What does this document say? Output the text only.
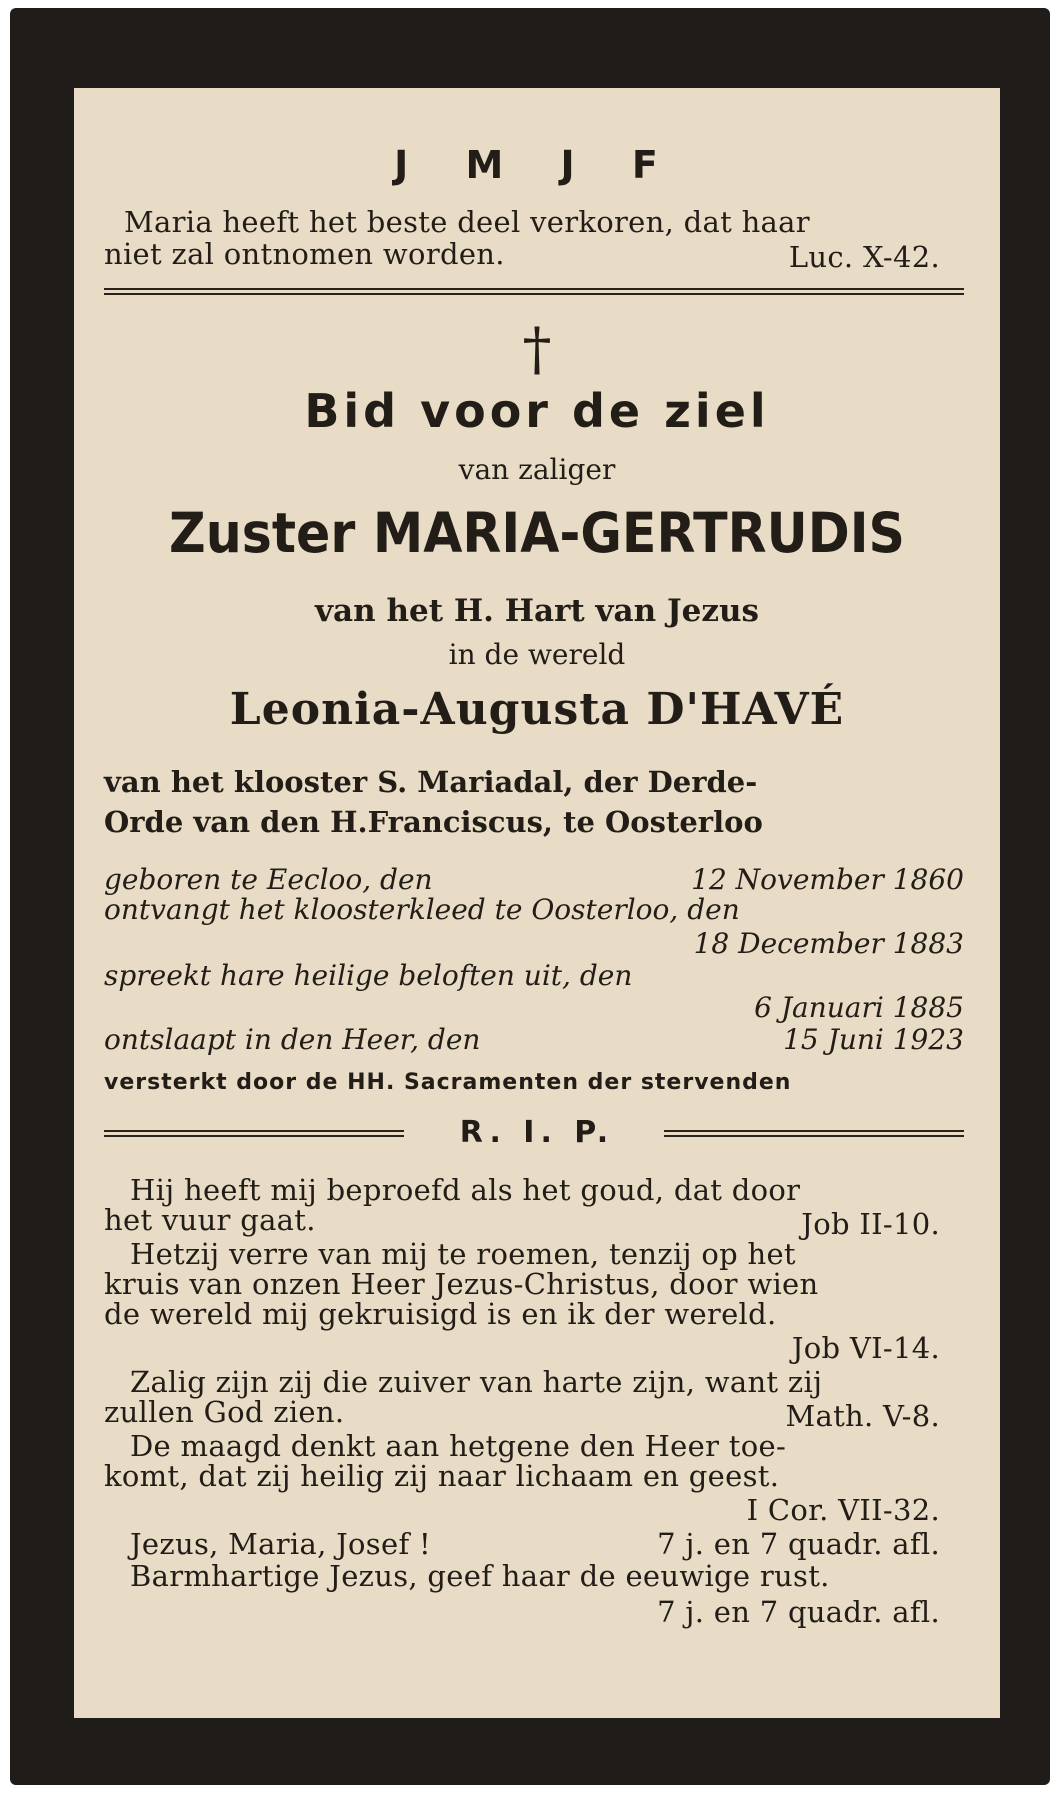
J M J F

Maria heeft het beste deel verkoren, dat haar

niet zal ontnomen worden.	Luc. X-42.

†

Bid voor de ziel

van zaliger

Zuster MARIA-GERTRUDIS

van het H. Hart van Jezus

in de wereld

Leonia-Augusta D'HAVÉ

van het klooster S. Mariadal, der Derde-

Orde van den H.Franciscus, te Oosterloo

geboren te Eecloo, den	12 November 1860

ontvangt het kloosterkleed te Oosterloo, den

18 December 1883

spreekt hare heilige beloften uit, den

6 Januari 1885

ontslaapt in den Heer, den	15 Juni 1923

versterkt door de HH. Sacramenten der stervenden

R. I. P.

Hij heeft mij beproefd als het goud, dat door

het vuur gaat.	Job II-10.

Hetzij verre van mij te roemen, tenzij op het

kruis van onzen Heer Jezus-Christus, door wien

de wereld mij gekruisigd is en ik der wereld.

Job VI-14.

Zalig zijn zij die zuiver van harte zijn, want zij

zullen God zien.	Math. V-8.

De maagd denkt aan hetgene den Heer toe-

komt, dat zij heilig zij naar lichaam en geest.

I Cor. VII-32.

Jezus, Maria, Josef !	7 j. en 7 quadr. afl.

Barmhartige Jezus, geef haar de eeuwige rust.

7 j. en 7 quadr. afl.
